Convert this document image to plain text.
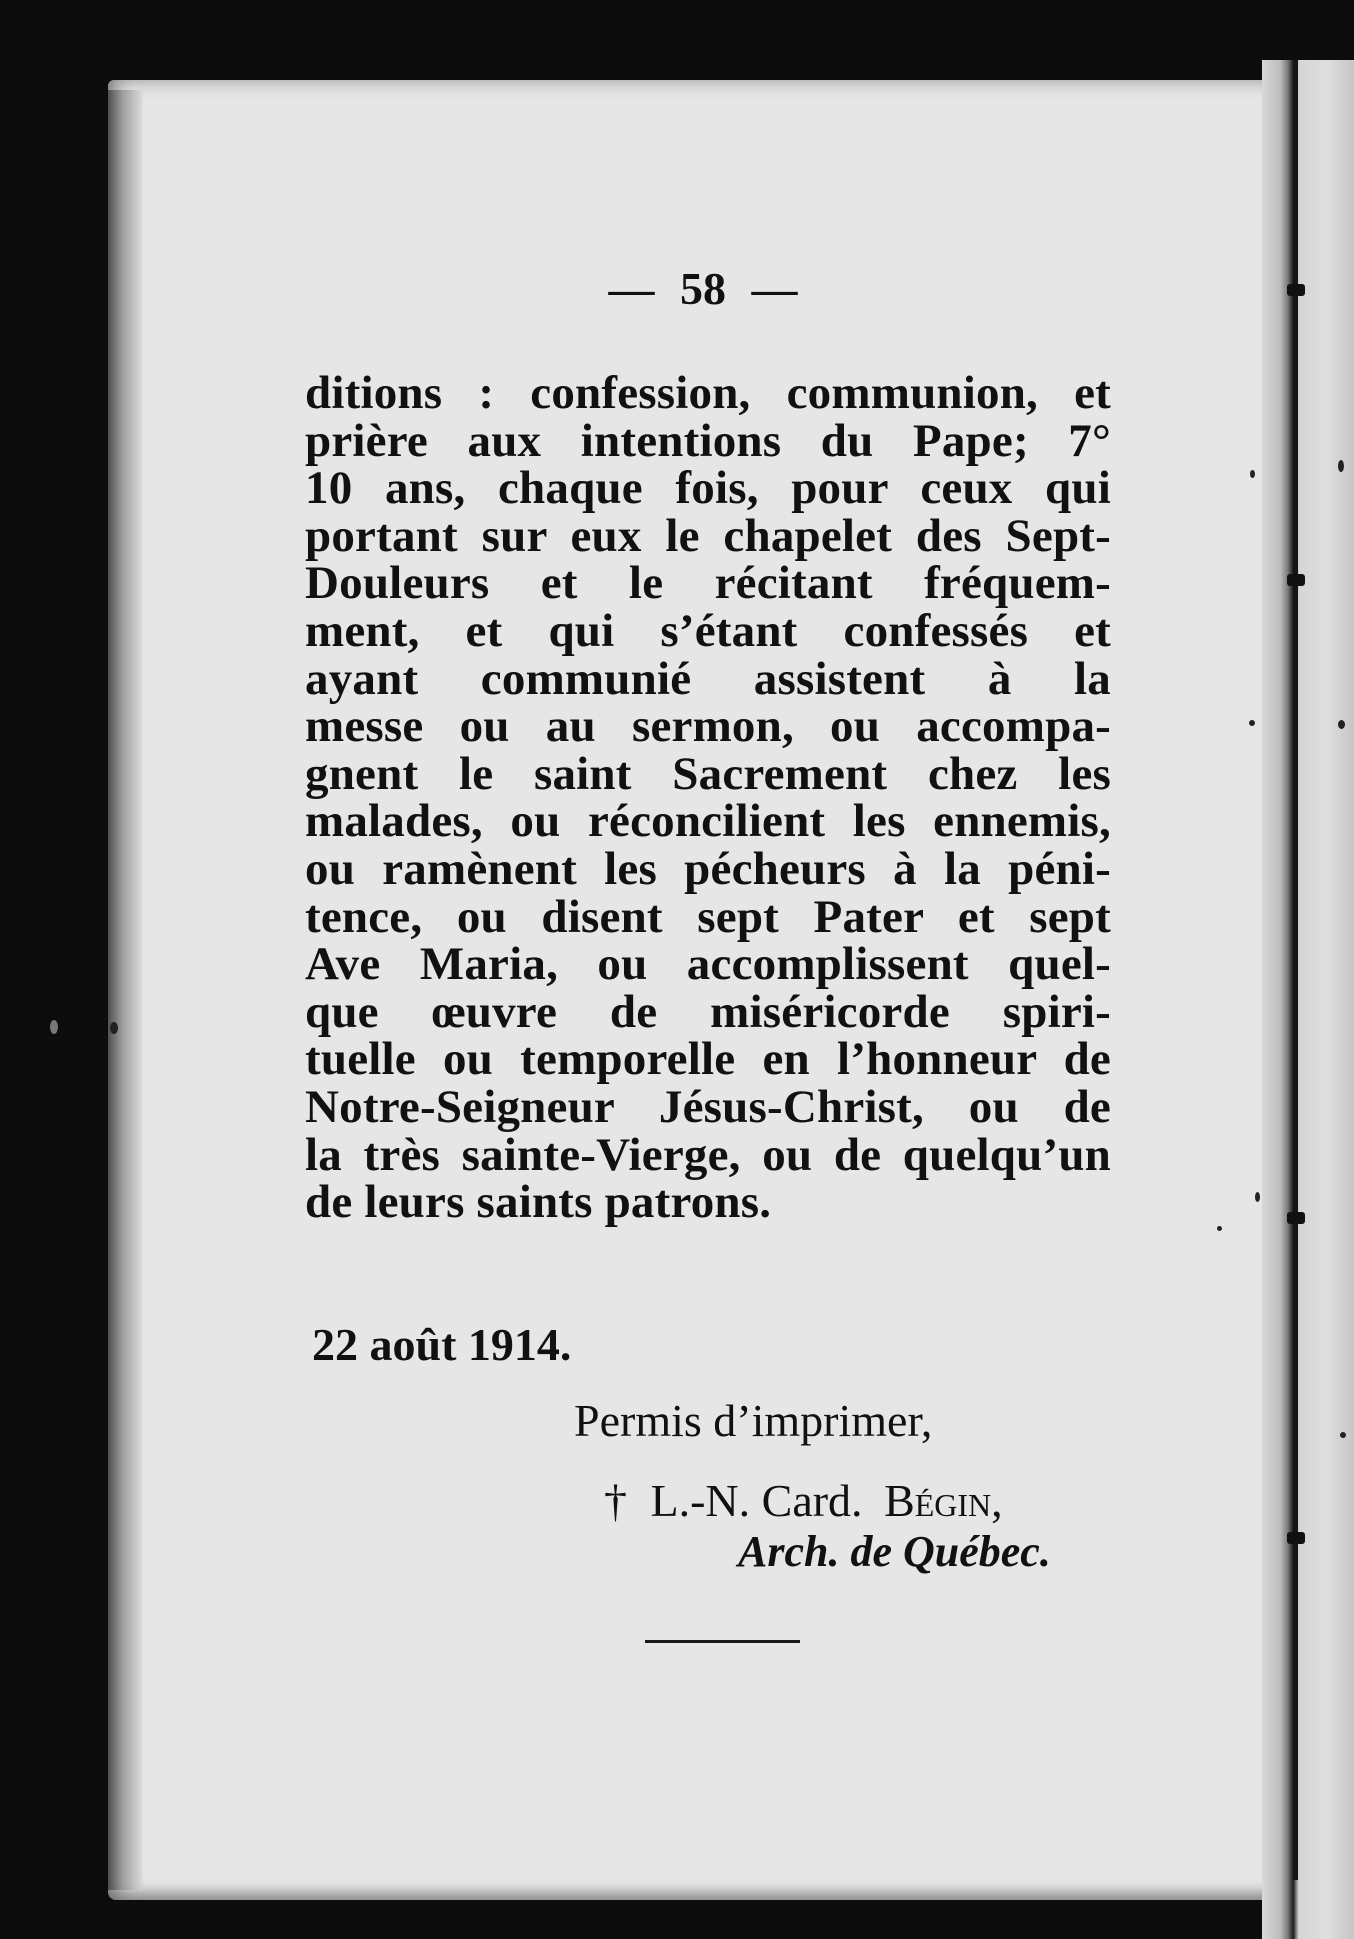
— 58 —
ditions : confession, communion, et
prière aux intentions du Pape; 7°
10 ans, chaque fois, pour ceux qui
portant sur eux le chapelet des Sept-
Douleurs et le récitant fréquem-
ment, et qui s’étant confessés et
ayant communié assistent à la
messe ou au sermon, ou accompa-
gnent le saint Sacrement chez les
malades, ou réconcilient les ennemis,
ou ramènent les pécheurs à la péni-
tence, ou disent sept Pater et sept
Ave Maria, ou accomplissent quel-
que œuvre de miséricorde spiri-
tuelle ou temporelle en l’honneur de
Notre-Seigneur Jésus-Christ, ou de
la très sainte-Vierge, ou de quelqu’un
de leurs saints patrons.
22 août 1914.
Permis d’imprimer,
† L.-N. Card. Bégin,
Arch. de Québec.
